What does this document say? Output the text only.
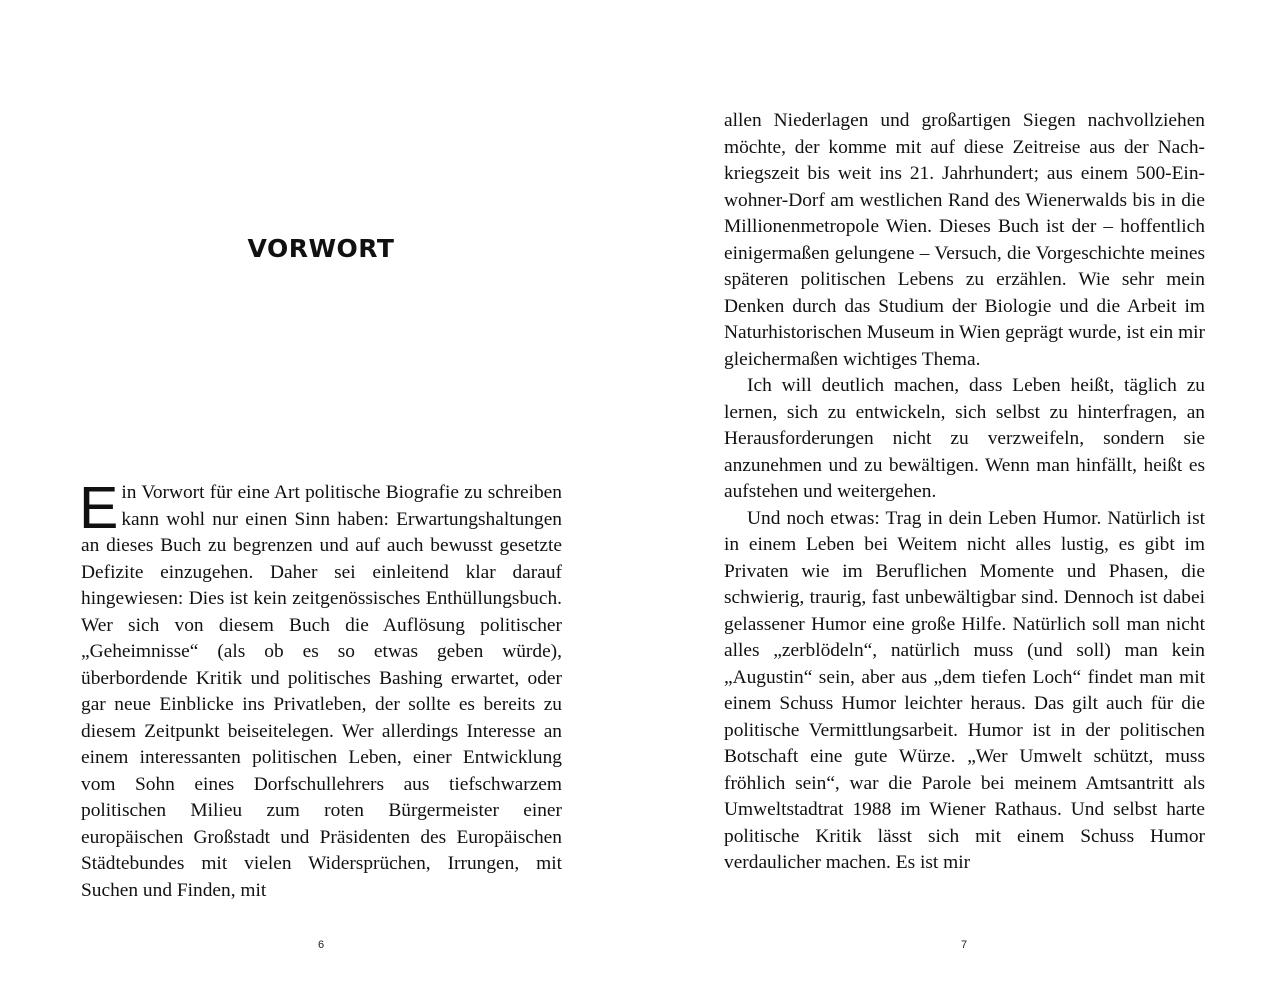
VORWORT

Ein Vorwort für eine Art politische Biografie zu schreiben kann wohl nur einen Sinn haben: Erwartungshaltungen an dieses Buch zu begrenzen und auf auch bewusst gesetzte Defizite einzugehen. Daher sei einleitend klar darauf hingewiesen: Dies ist kein zeitgenössisches Enthüllungsbuch. Wer sich von diesem Buch die Auflösung politischer „Geheimnisse“ (als ob es so etwas geben würde), überbordende Kritik und politisches Bashing erwartet, oder gar neue Einblicke ins Privatleben, der sollte es bereits zu diesem Zeitpunkt beiseitelegen. Wer allerdings Interesse an einem interessanten politischen Leben, einer Entwicklung vom Sohn eines Dorfschullehrers aus tiefschwarzem politischen Milieu zum roten Bürgermeister einer europäischen Großstadt und Präsidenten des Europäischen Städtebundes mit vielen Widersprüchen, Irrungen, mit Suchen und Finden, mit

6

allen Niederlagen und großartigen Siegen nachvollziehen möchte, der komme mit auf diese Zeitreise aus der Nachkriegszeit bis weit ins 21. Jahrhundert; aus einem 500-Einwohner-Dorf am westlichen Rand des Wienerwalds bis in die Millionenmetropole Wien. Dieses Buch ist der – hoffentlich einigermaßen gelungene – Versuch, die Vorgeschichte meines späteren politischen Lebens zu erzählen. Wie sehr mein Denken durch das Studium der Biologie und die Arbeit im Naturhistorischen Museum in Wien geprägt wurde, ist ein mir gleichermaßen wichtiges Thema.

Ich will deutlich machen, dass Leben heißt, täglich zu lernen, sich zu entwickeln, sich selbst zu hinterfragen, an Herausforderungen nicht zu verzweifeln, sondern sie anzunehmen und zu bewältigen. Wenn man hinfällt, heißt es aufstehen und weitergehen.

Und noch etwas: Trag in dein Leben Humor. Natürlich ist in einem Leben bei Weitem nicht alles lustig, es gibt im Privaten wie im Beruflichen Momente und Phasen, die schwierig, traurig, fast unbewältigbar sind. Dennoch ist dabei gelassener Humor eine große Hilfe. Natürlich soll man nicht alles „zerblödeln“, natürlich muss (und soll) man kein „Augustin“ sein, aber aus „dem tiefen Loch“ findet man mit einem Schuss Humor leichter heraus. Das gilt auch für die politische Vermittlungsarbeit. Humor ist in der politischen Botschaft eine gute Würze. „Wer Umwelt schützt, muss fröhlich sein“, war die Parole bei meinem Amtsantritt als Umweltstadtrat 1988 im Wiener Rathaus. Und selbst harte politische Kritik lässt sich mit einem Schuss Humor verdaulicher machen. Es ist mir

7
